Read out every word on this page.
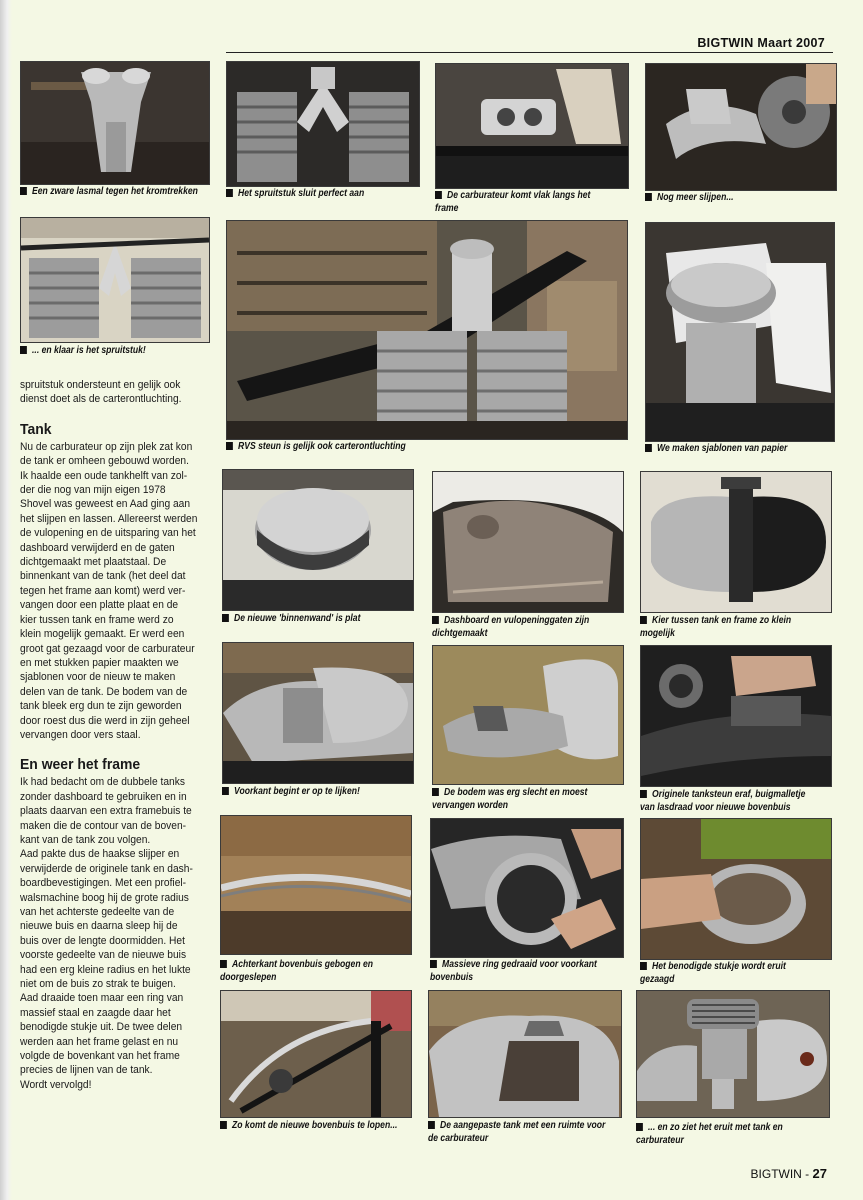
BIGTWIN Maart 2007
Een zware lasmal tegen het kromtrekken	Het spruitstuk sluit perfect aan	De carburateur komt vlak langs het frame
Nog meer slijpen...
... en klaar is het spruitstuk!
RVS steun is gelijk ook carterontluchting	We maken sjablonen van papier
De nieuwe 'binnenwand' is plat	Dashboard en vulopeninggaten zijn dichtgemaakt
Kier tussen tank en frame zo klein mogelijk
Voorkant begint er op te lijken!	De bodem was erg slecht en moest vervangen worden
Originele tanksteun eraf, buigmalletje van lasdraad voor nieuwe bovenbuis
Achterkant bovenbuis gebogen en doorgeslepen
Massieve ring gedraaid voor voorkant bovenbuis
Het benodigde stukje wordt eruit gezaagd
Zo komt de nieuwe bovenbuis te lopen...	De aangepaste tank met een ruimte voor de carburateur
... en zo ziet het eruit met tank en carburateur

spruitstuk ondersteunt en gelijk ook
dienst doet als de carterontluchting.

Tank

Nu de carburateur op zijn plek zat kon
de tank er omheen gebouwd worden.
Ik haalde een oude tankhelft van zol-
der die nog van mijn eigen 1978
Shovel was geweest en Aad ging aan
het slijpen en lassen. Allereerst werden
de vulopening en de uitsparing van het
dashboard verwijderd en de gaten
dichtgemaakt met plaatstaal. De
binnenkant van de tank (het deel dat
tegen het frame aan komt) werd ver-
vangen door een platte plaat en de
kier tussen tank en frame werd zo
klein mogelijk gemaakt. Er werd een
groot gat gezaagd voor de carburateur
en met stukken papier maakten we
sjablonen voor de nieuw te maken
delen van de tank. De bodem van de
tank bleek erg dun te zijn geworden
door roest dus die werd in zijn geheel
vervangen door vers staal.

En weer het frame

Ik had bedacht om de dubbele tanks
zonder dashboard te gebruiken en in
plaats daarvan een extra framebuis te
maken die de contour van de boven-
kant van de tank zou volgen.
Aad pakte dus de haakse slijper en
verwijderde de originele tank en dash-
boardbevestigingen. Met een profiel-
walsmachine boog hij de grote radius
van het achterste gedeelte van de
nieuwe buis en daarna sleep hij de
buis over de lengte doormidden. Het
voorste gedeelte van de nieuwe buis
had een erg kleine radius en het lukte
niet om de buis zo strak te buigen.
Aad draaide toen maar een ring van
massief staal en zaagde daar het
benodigde stukje uit. De twee delen
werden aan het frame gelast en nu
volgde de bovenkant van het frame
precies de lijnen van de tank.
Wordt vervolgd!

BIGTWIN - 27
